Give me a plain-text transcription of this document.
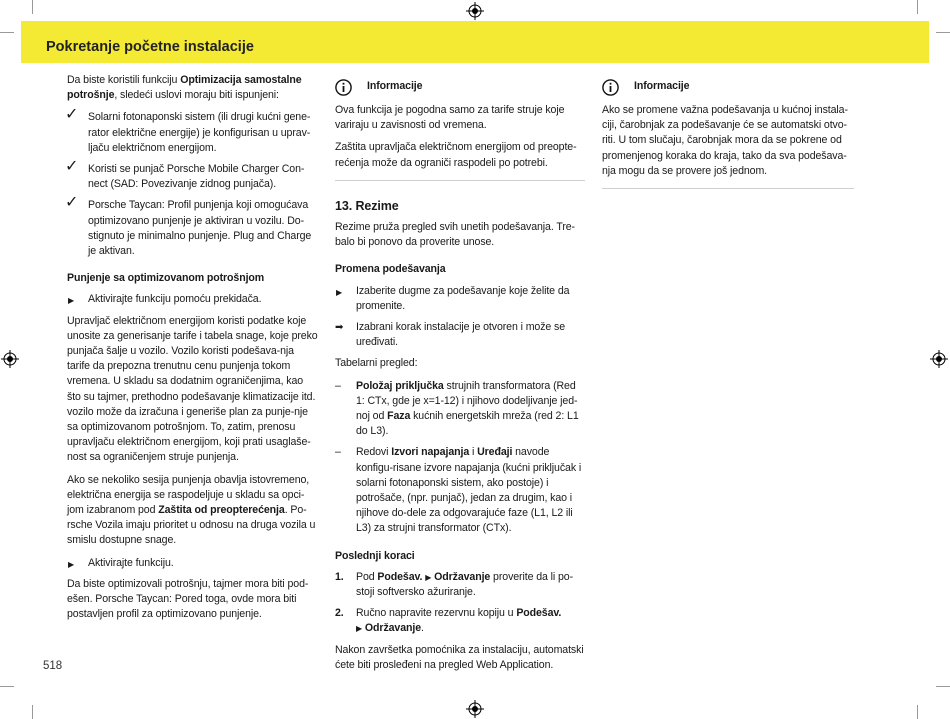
Pokretanje početne instalacije

Da biste koristili funkciju Optimizacija samostalne potrošnje, sledeći uslovi moraju biti ispunjeni:

✓ Solarni fotonaponski sistem (ili drugi kućni gene-rator električne energije) je konfigurisan u uprav-ljaču električnom energijom.
✓ Koristi se punjač Porsche Mobile Charger Con-nect (SAD: Povezivanje zidnog punjača).
✓ Porsche Taycan: Profil punjenja koji omogućava optimizovano punjenje je aktiviran u vozilu. Do-stignuto je minimalno punjenje. Plug and Charge je aktivan.
Punjenje sa optimizovanom potrošnjom
▶ Aktivirajte funkciju pomoću prekidača.

Upravljač električnom energijom koristi podatke koje unosite za generisanje tarife i tabela snage, koje preko punjača šalje u vozilo. Vozilo koristi podešava-nja tarife da prepozna trenutnu cenu punjenja tokom vremena. U skladu sa dodatnim ograničenjima, kao što su tajmer, prethodno podešavanje klimatizacije itd. vozilo može da izračuna i generiše plan za punje-nje sa optimizovanom potrošnjom. To, zatim, prenosu upravljaču električnom energijom, koji prati usaglaše-nost sa ograničenjem struje punjenja.

Ako se nekoliko sesija punjenja obavlja istovremeno, električna energija se raspodeljuje u skladu sa opci-jom izabranom pod Zaštita od preopterećenja. Po-rsche Vozila imaju prioritet u odnosu na druga vozila u smislu dostupne snage.

▶ Aktivirajte funkciju.

Da biste optimizovali potrošnju, tajmer mora biti pod-ešen. Porsche Taycan: Pored toga, ovde mora biti postavljen profil za optimizovano punjenje.

Informacije

Ova funkcija je pogodna samo za tarife struje koje variraju u zavisnosti od vremena.

Zaštita upravljača električnom energijom od preopte-rećenja može da ograniči raspodeli po potrebi.

13. Rezime

Rezime pruža pregled svih unetih podešavanja. Tre-balo bi ponovo da proverite unose.

Promena podešavanja
▶ Izaberite dugme za podešavanje koje želite da promenite.
➡ Izabrani korak instalacije je otvoren i može se uređivati.

Tabelarni pregled:

– Položaj priključka strujnih transformatora (Red 1: CTx, gde je x=1-12) i njihovo dodeljivanje jed-noj od Faza kućnih energetskih mreža (red 2: L1 do L3).
– Redovi Izvori napajanja i Uređaji navode konfigu-risane izvore napajanja (kućni priključak i solarni fotonaponski sistem, ako postoje) i potrošače, (npr. punjač), jedan za drugim, kao i njihove do-dele za odgovarajuće faze (L1, L2 ili L3) za strujni transformator (CTx).
Poslednji koraci
1. Pod Podešav. ▶ Održavanje proverite da li po-stoji softversko ažuriranje.
2. Ručno napravite rezervnu kopiju u Podešav.
▶ Održavanje.

Nakon završetka pomoćnika za instalaciju, automatski ćete biti prosleđeni na pregled Web Application.

Informacije

Ako se promene važna podešavanja u kućnoj instala-ciji, čarobnjak za podešavanje će se automatski otvo-riti. U tom slučaju, čarobnjak mora da se pokrene od promenjenog koraka do kraja, tako da sva podešava-nja mogu da se provere još jednom.

518
